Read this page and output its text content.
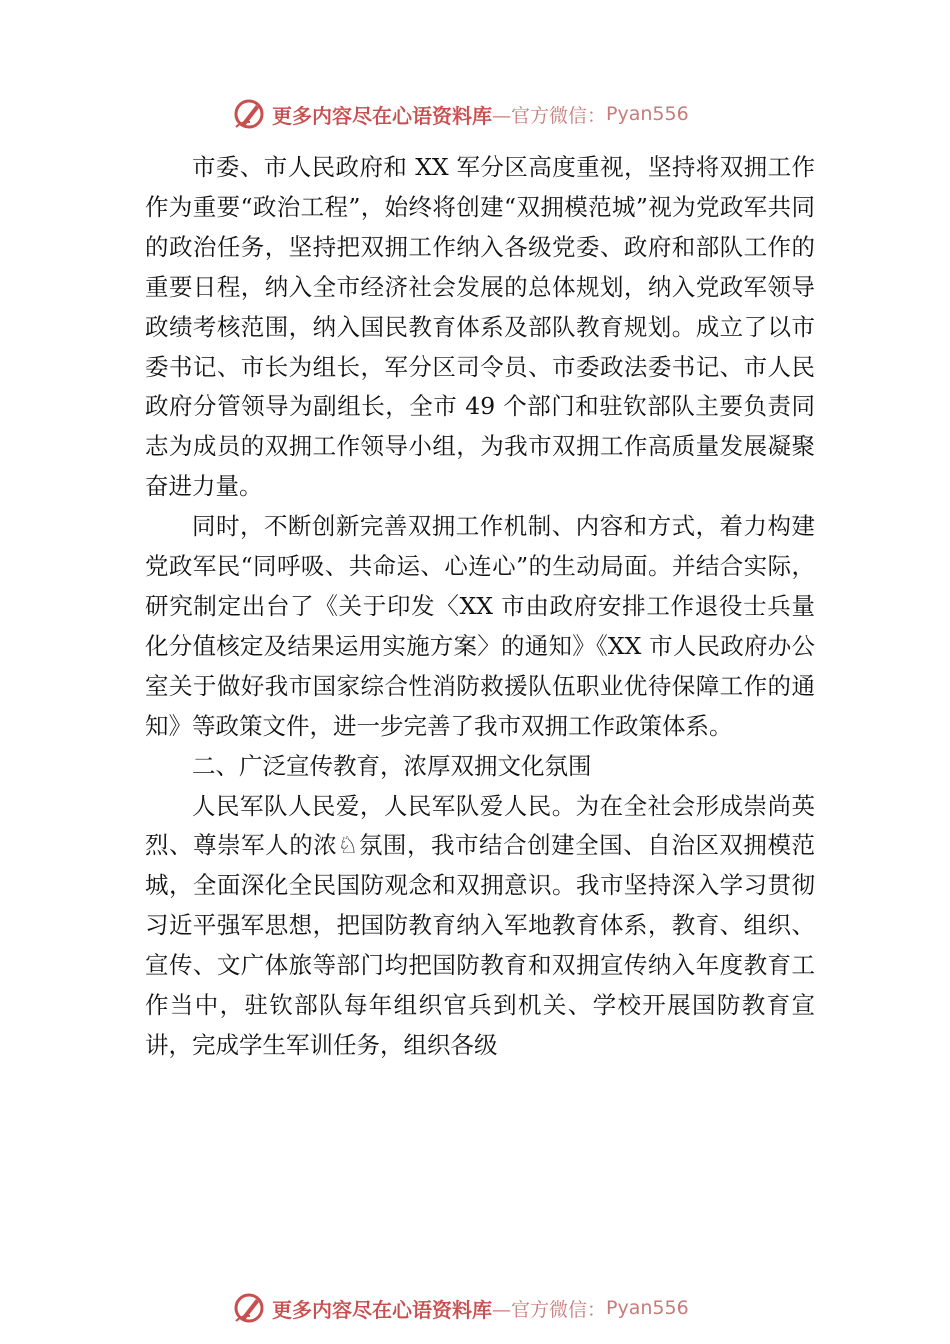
更多内容尽在心语资料库 —官方微信： Pyan556

市委、市人民政府和 XX 军分区高度重视，坚持将双拥工作作为重要“政治工程”，始终将创建“双拥模范城”视为党政军共同的政治任务，坚持把双拥工作纳入各级党委、政府和部队工作的重要日程，纳入全市经济社会发展的总体规划，纳入党政军领导政绩考核范围，纳入国民教育体系及部队教育规划。成立了以市委书记、市长为组长，军分区司令员、市委政法委书记、市人民政府分管领导为副组长，全市 49 个部门和驻钦部队主要负责同志为成员的双拥工作领导小组，为我市双拥工作高质量发展凝聚奋进力量。

同时，不断创新完善双拥工作机制、内容和方式，着力构建党政军民“同呼吸、共命运、心连心”的生动局面。并结合实际，研究制定出台了《关于印发〈XX 市由政府安排工作退役士兵量化分值核定及结果运用实施方案〉的通知》《XX 市人民政府办公室关于做好我市国家综合性消防救援队伍职业优待保障工作的通知》等政策文件，进一步完善了我市双拥工作政策体系。

二、广泛宣传教育，浓厚双拥文化氛围

人民军队人民爱，人民军队爱人民。为在全社会形成崇尚英烈、尊崇军人的浓♘氛围，我市结合创建全国、自治区双拥模范城，全面深化全民国防观念和双拥意识。我市坚持深入学习贯彻习近平强军思想，把国防教育纳入军地教育体系，教育、组织、宣传、文广体旅等部门均把国防教育和双拥宣传纳入年度教育工作当中，驻钦部队每年组织官兵到机关、学校开展国防教育宣讲，完成学生军训任务，组织各级

更多内容尽在心语资料库 —官方微信： Pyan556
